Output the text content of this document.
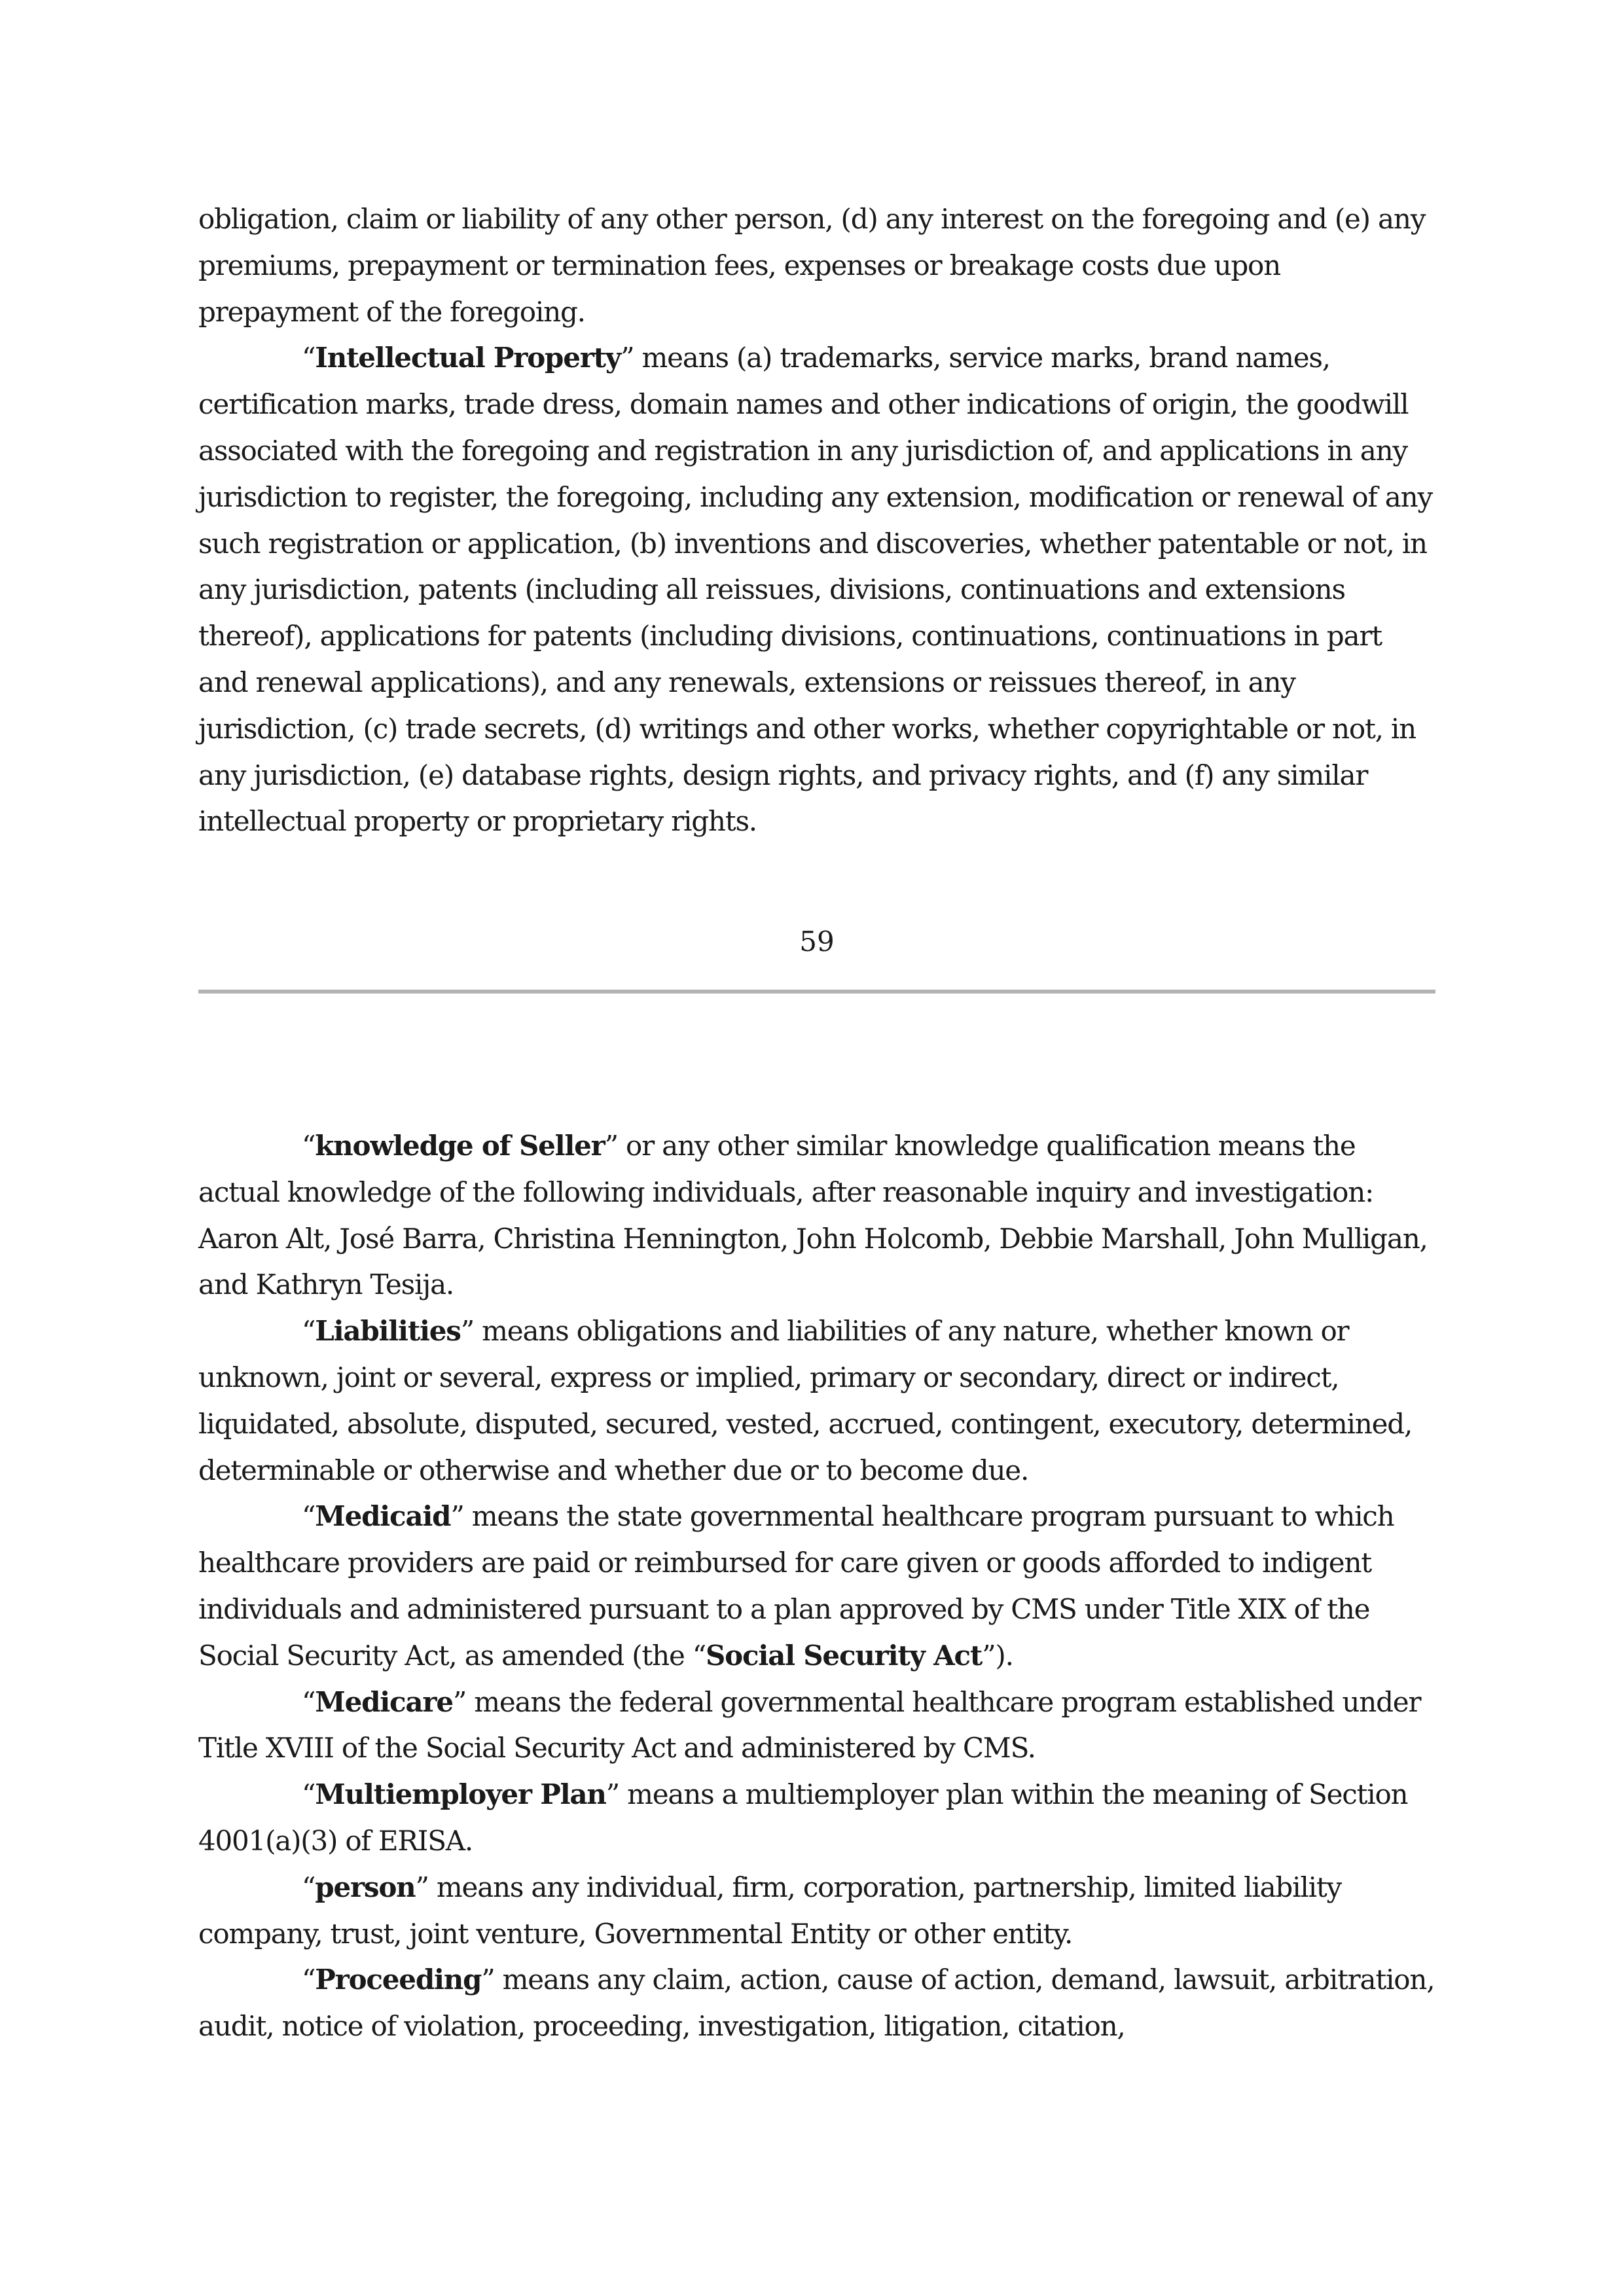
obligation, claim or liability of any other person, (d) any interest on the foregoing and (e) any premiums, prepayment or termination fees, expenses or breakage costs due upon prepayment of the foregoing.

“Intellectual Property” means (a) trademarks, service marks, brand names, certification marks, trade dress, domain names and other indications of origin, the goodwill associated with the foregoing and registration in any jurisdiction of, and applications in any jurisdiction to register, the foregoing, including any extension, modification or renewal of any such registration or application, (b) inventions and discoveries, whether patentable or not, in any jurisdiction, patents (including all reissues, divisions, continuations and extensions thereof), applications for patents (including divisions, continuations, continuations in part and renewal applications), and any renewals, extensions or reissues thereof, in any jurisdiction, (c) trade secrets, (d) writings and other works, whether copyrightable or not, in any jurisdiction, (e) database rights, design rights, and privacy rights, and (f) any similar intellectual property or proprietary rights.

59

“knowledge of Seller” or any other similar knowledge qualification means the actual knowledge of the following individuals, after reasonable inquiry and investigation: Aaron Alt, José Barra, Christina Hennington, John Holcomb, Debbie Marshall, John Mulligan, and Kathryn Tesija.

“Liabilities” means obligations and liabilities of any nature, whether known or unknown, joint or several, express or implied, primary or secondary, direct or indirect, liquidated, absolute, disputed, secured, vested, accrued, contingent, executory, determined, determinable or otherwise and whether due or to become due.

“Medicaid” means the state governmental healthcare program pursuant to which healthcare providers are paid or reimbursed for care given or goods afforded to indigent individuals and administered pursuant to a plan approved by CMS under Title XIX of the Social Security Act, as amended (the “Social Security Act”).

“Medicare” means the federal governmental healthcare program established under Title XVIII of the Social Security Act and administered by CMS.

“Multiemployer Plan” means a multiemployer plan within the meaning of Section 4001(a)(3) of ERISA.

“person” means any individual, firm, corporation, partnership, limited liability company, trust, joint venture, Governmental Entity or other entity.

“Proceeding” means any claim, action, cause of action, demand, lawsuit, arbitration, audit, notice of violation, proceeding, investigation, litigation, citation,
